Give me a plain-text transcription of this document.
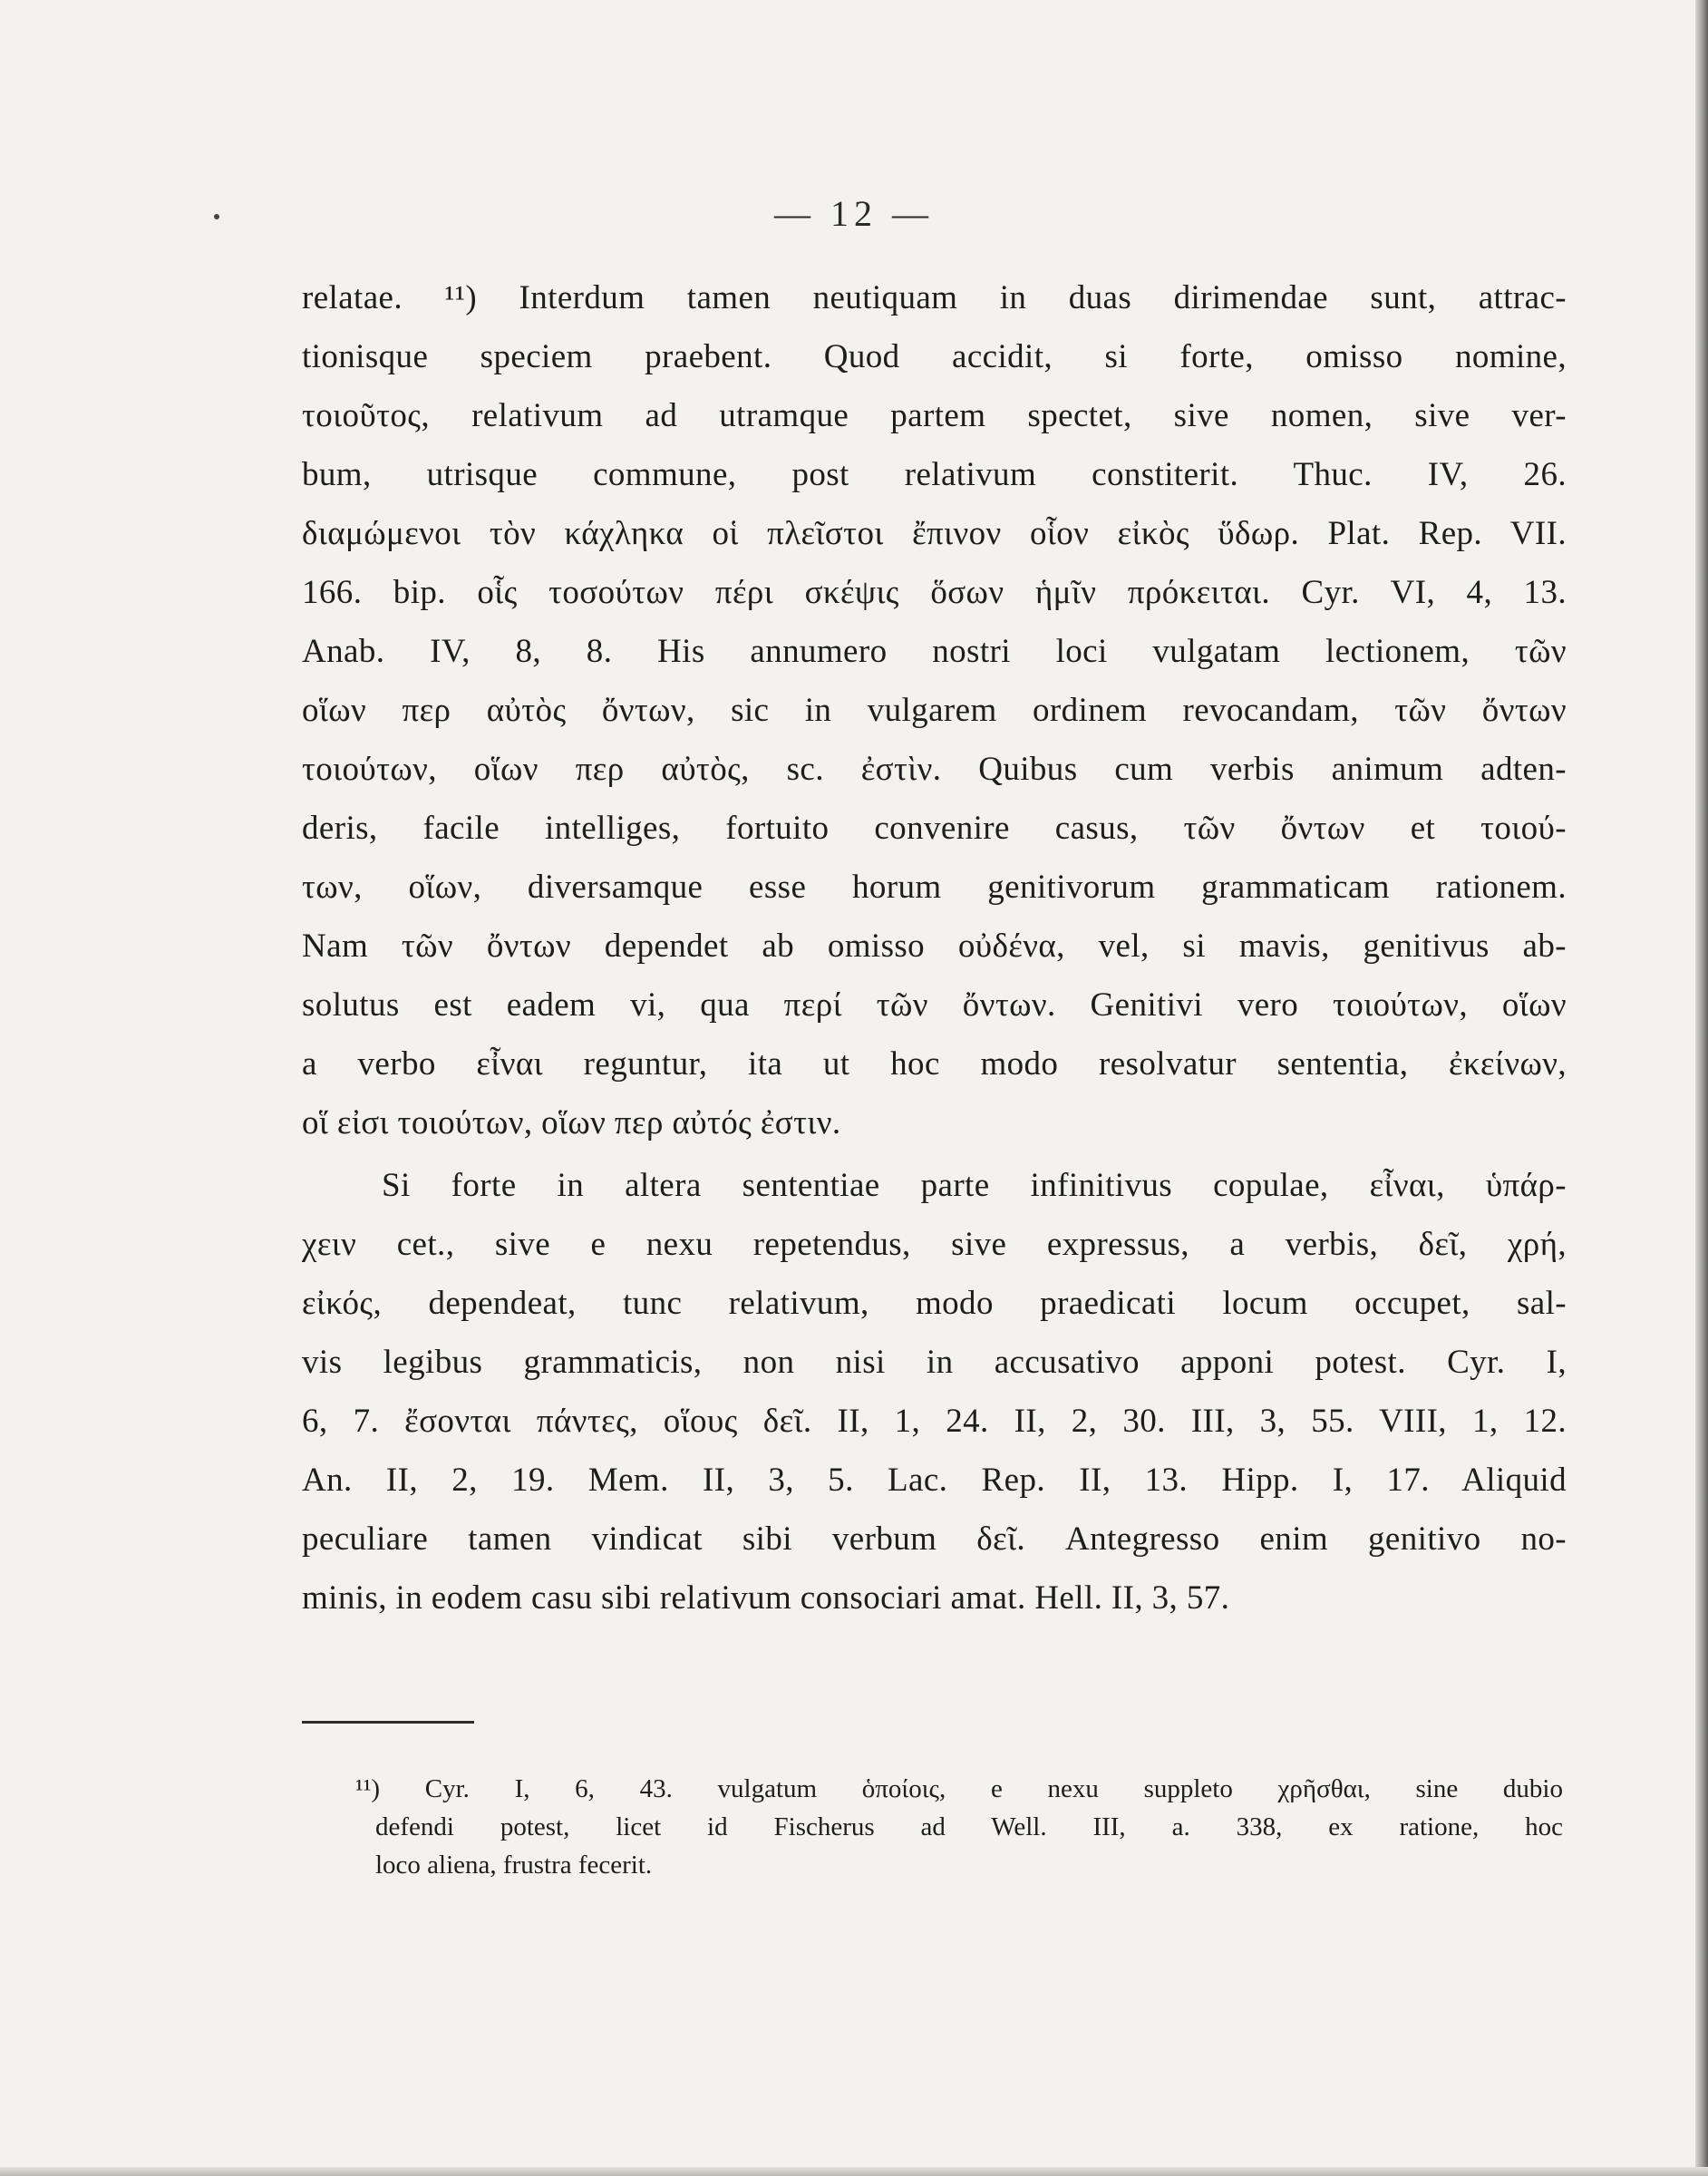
— 12 —
relatae. ¹¹) Interdum tamen neutiquam in duas dirimendae sunt, attrac-
tionisque speciem praebent. Quod accidit, si forte, omisso nomine,
τοιοῦτος, relativum ad utramque partem spectet, sive nomen, sive ver-
bum, utrisque commune, post relativum constiterit. Thuc. IV, 26.
διαμώμενοι τὸν κάχληκα οἱ πλεῖστοι ἔπινον οἷον εἰκὸς ὕδωρ. Plat. Rep. VII.
166. bip. οἷς τοσούτων πέρι σκέψις ὅσων ἡμῖν πρόκειται. Cyr. VI, 4, 13.
Anab. IV, 8, 8. His annumero nostri loci vulgatam lectionem, τῶν
οἵων περ αὐτὸς ὄντων, sic in vulgarem ordinem revocandam, τῶν ὄντων
τοιούτων, οἵων περ αὐτὸς, sc. ἐστὶν. Quibus cum verbis animum adten-
deris, facile intelliges, fortuito convenire casus, τῶν ὄντων et τοιού-
των, οἵων, diversamque esse horum genitivorum grammaticam rationem.
Nam τῶν ὄντων dependet ab omisso οὐδένα, vel, si mavis, genitivus ab-
solutus est eadem vi, qua περί τῶν ὄντων. Genitivi vero τοιούτων, οἵων
a verbo εἶναι reguntur, ita ut hoc modo resolvatur sententia, ἐκείνων,
οἵ εἰσι τοιούτων, οἵων περ αὐτός ἐστιν.
Si forte in altera sententiae parte infinitivus copulae, εἶναι, ὑπάρ-
χειν cet., sive e nexu repetendus, sive expressus, a verbis, δεῖ, χρή,
εἰκός, dependeat, tunc relativum, modo praedicati locum occupet, sal-
vis legibus grammaticis, non nisi in accusativo apponi potest. Cyr. I,
6, 7. ἔσονται πάντες, οἵους δεῖ. II, 1, 24. II, 2, 30. III, 3, 55. VIII, 1, 12.
An. II, 2, 19. Mem. II, 3, 5. Lac. Rep. II, 13. Hipp. I, 17. Aliquid
peculiare tamen vindicat sibi verbum δεῖ. Antegresso enim genitivo no-
minis, in eodem casu sibi relativum consociari amat. Hell. II, 3, 57.
¹¹) Cyr. I, 6, 43. vulgatum ὁποίοις, e nexu suppleto χρῆσθαι, sine dubio
defendi potest, licet id Fischerus ad Well. III, a. 338, ex ratione, hoc
loco aliena, frustra fecerit.
